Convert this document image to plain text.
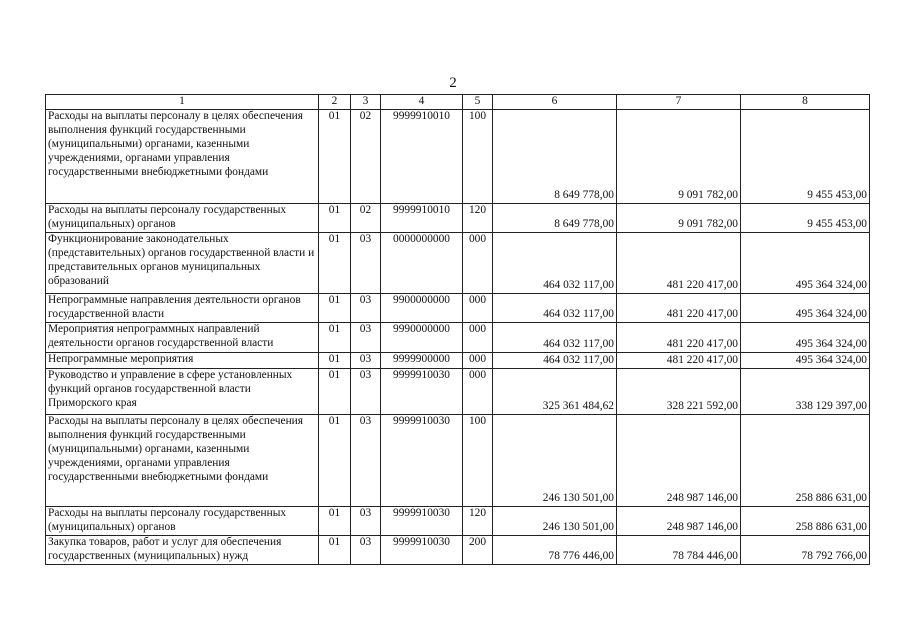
2
1	2	3	4	5	6	7	8
Расходы на выплаты персоналу в целях обеспечения выполнения функций государственными (муниципальными) органами, казенными учреждениями, органами управления государственными внебюджетными фондами	01	02	9999910010	100	8 649 778,00	9 091 782,00	9 455 453,00
Расходы на выплаты персоналу государственных (муниципальных) органов	01	02	9999910010	120	8 649 778,00	9 091 782,00	9 455 453,00
Функционирование законодательных (представительных) органов государственной власти и представительных органов муниципальных образований	01	03	0000000000	000	464 032 117,00	481 220 417,00	495 364 324,00
Непрограммные направления деятельности органов государственной власти	01	03	9900000000	000	464 032 117,00	481 220 417,00	495 364 324,00
Мероприятия непрограммных направлений деятельности органов государственной власти	01	03	9990000000	000	464 032 117,00	481 220 417,00	495 364 324,00
Непрограммные мероприятия	01	03	9999900000	000	464 032 117,00	481 220 417,00	495 364 324,00
Руководство и управление в сфере установленных функций органов государственной власти Приморского края	01	03	9999910030	000	325 361 484,62	328 221 592,00	338 129 397,00
Расходы на выплаты персоналу в целях обеспечения выполнения функций государственными (муниципальными) органами, казенными учреждениями, органами управления государственными внебюджетными фондами	01	03	9999910030	100	246 130 501,00	248 987 146,00	258 886 631,00
Расходы на выплаты персоналу государственных (муниципальных) органов	01	03	9999910030	120	246 130 501,00	248 987 146,00	258 886 631,00
Закупка товаров, работ и услуг для обеспечения государственных (муниципальных) нужд	01	03	9999910030	200	78 776 446,00	78 784 446,00	78 792 766,00
